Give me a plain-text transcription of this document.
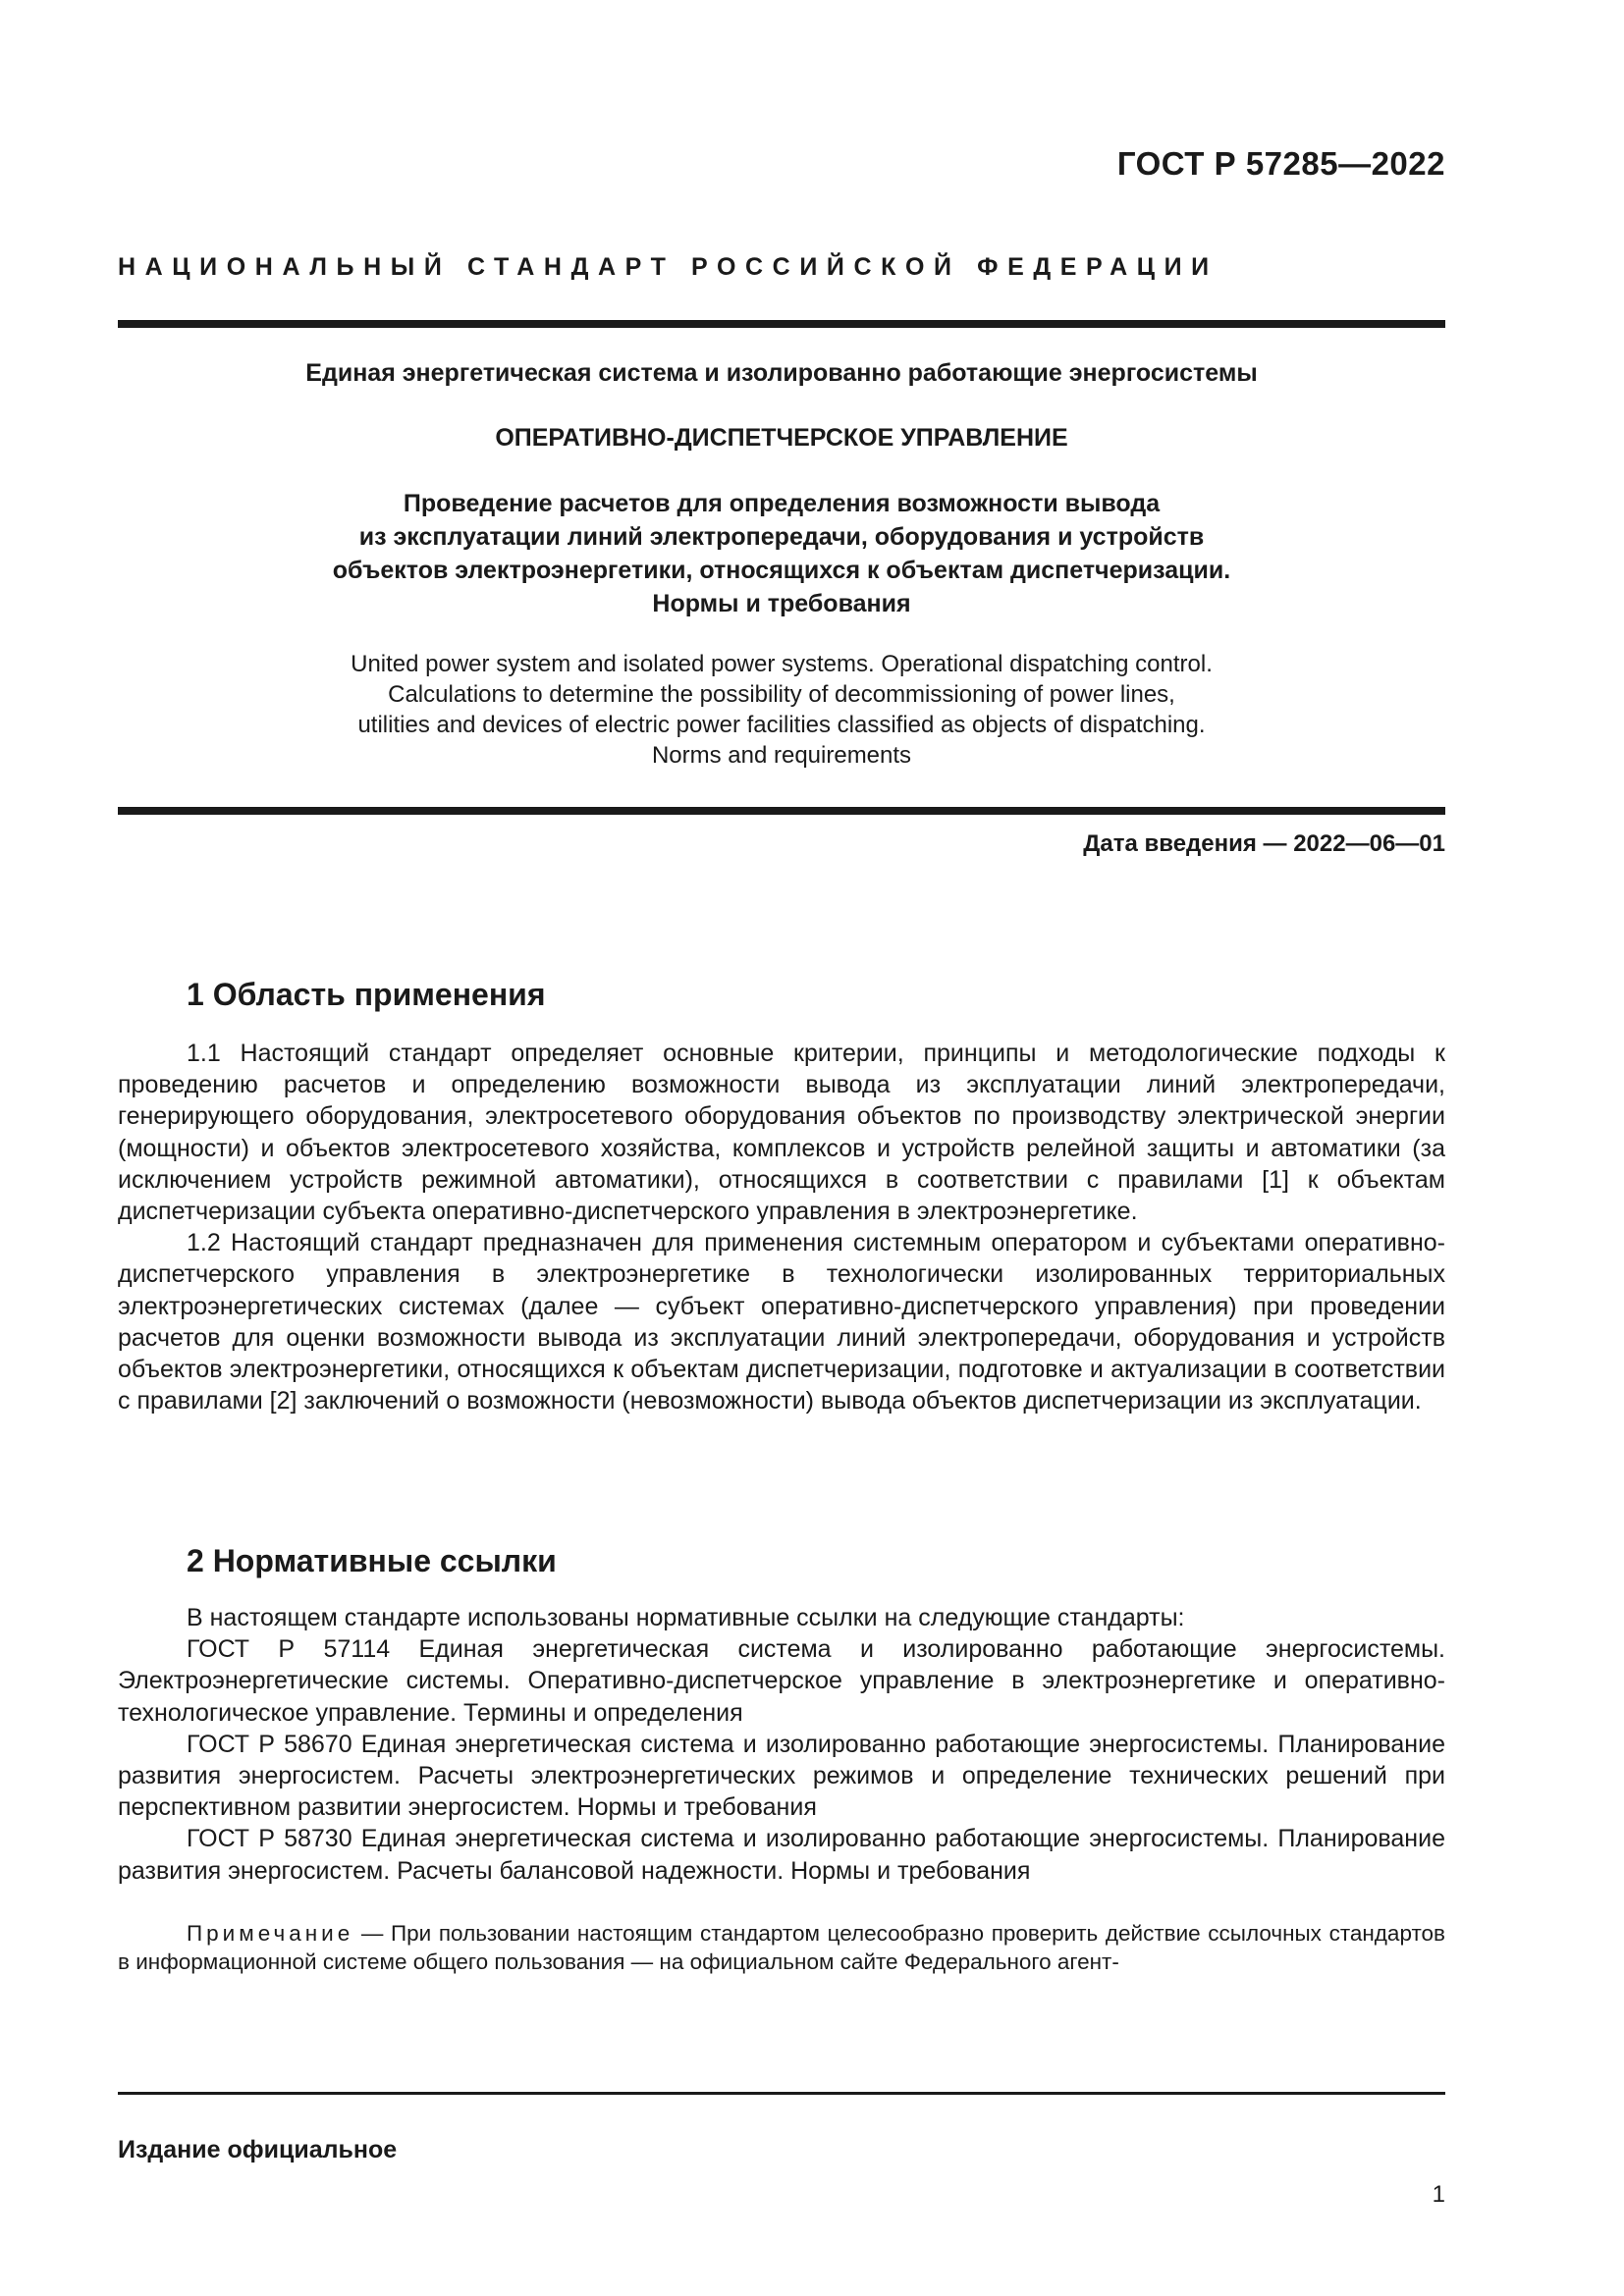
ГОСТ Р 57285—2022
НАЦИОНАЛЬНЫЙ СТАНДАРТ РОССИЙСКОЙ ФЕДЕРАЦИИ
Единая энергетическая система и изолированно работающие энергосистемы
ОПЕРАТИВНО-ДИСПЕТЧЕРСКОЕ УПРАВЛЕНИЕ
Проведение расчетов для определения возможности вывода
из эксплуатации линий электропередачи, оборудования и устройств
объектов электроэнергетики, относящихся к объектам диспетчеризации.
Нормы и требования
United power system and isolated power systems. Operational dispatching control.
Calculations to determine the possibility of decommissioning of power lines,
utilities and devices of electric power facilities classified as objects of dispatching.
Norms and requirements
Дата введения — 2022—06—01
1 Область применения

1.1 Настоящий стандарт определяет основные критерии, принципы и методологические подходы к проведению расчетов и определению возможности вывода из эксплуатации линий электропередачи, генерирующего оборудования, электросетевого оборудования объектов по производству электрической энергии (мощности) и объектов электросетевого хозяйства, комплексов и устройств релейной защиты и автоматики (за исключением устройств режимной автоматики), относящихся в соответствии с правилами [1] к объектам диспетчеризации субъекта оперативно-диспетчерского управления в электроэнергетике.

1.2 Настоящий стандарт предназначен для применения системным оператором и субъектами оперативно-диспетчерского управления в электроэнергетике в технологически изолированных территориальных электроэнергетических системах (далее — субъект оперативно-диспетчерского управления) при проведении расчетов для оценки возможности вывода из эксплуатации линий электропередачи, оборудования и устройств объектов электроэнергетики, относящихся к объектам диспетчеризации, подготовке и актуализации в соответствии с правилами [2] заключений о возможности (невозможности) вывода объектов диспетчеризации из эксплуатации.

2 Нормативные ссылки

В настоящем стандарте использованы нормативные ссылки на следующие стандарты:

ГОСТ Р 57114 Единая энергетическая система и изолированно работающие энергосистемы. Электроэнергетические системы. Оперативно-диспетчерское управление в электроэнергетике и оперативно-технологическое управление. Термины и определения

ГОСТ Р 58670 Единая энергетическая система и изолированно работающие энергосистемы. Планирование развития энергосистем. Расчеты электроэнергетических режимов и определение технических решений при перспективном развитии энергосистем. Нормы и требования

ГОСТ Р 58730 Единая энергетическая система и изолированно работающие энергосистемы. Планирование развития энергосистем. Расчеты балансовой надежности. Нормы и требования

Примечание — При пользовании настоящим стандартом целесообразно проверить действие ссылочных стандартов в информационной системе общего пользования — на официальном сайте Федерального агент-

Издание официальное
1
